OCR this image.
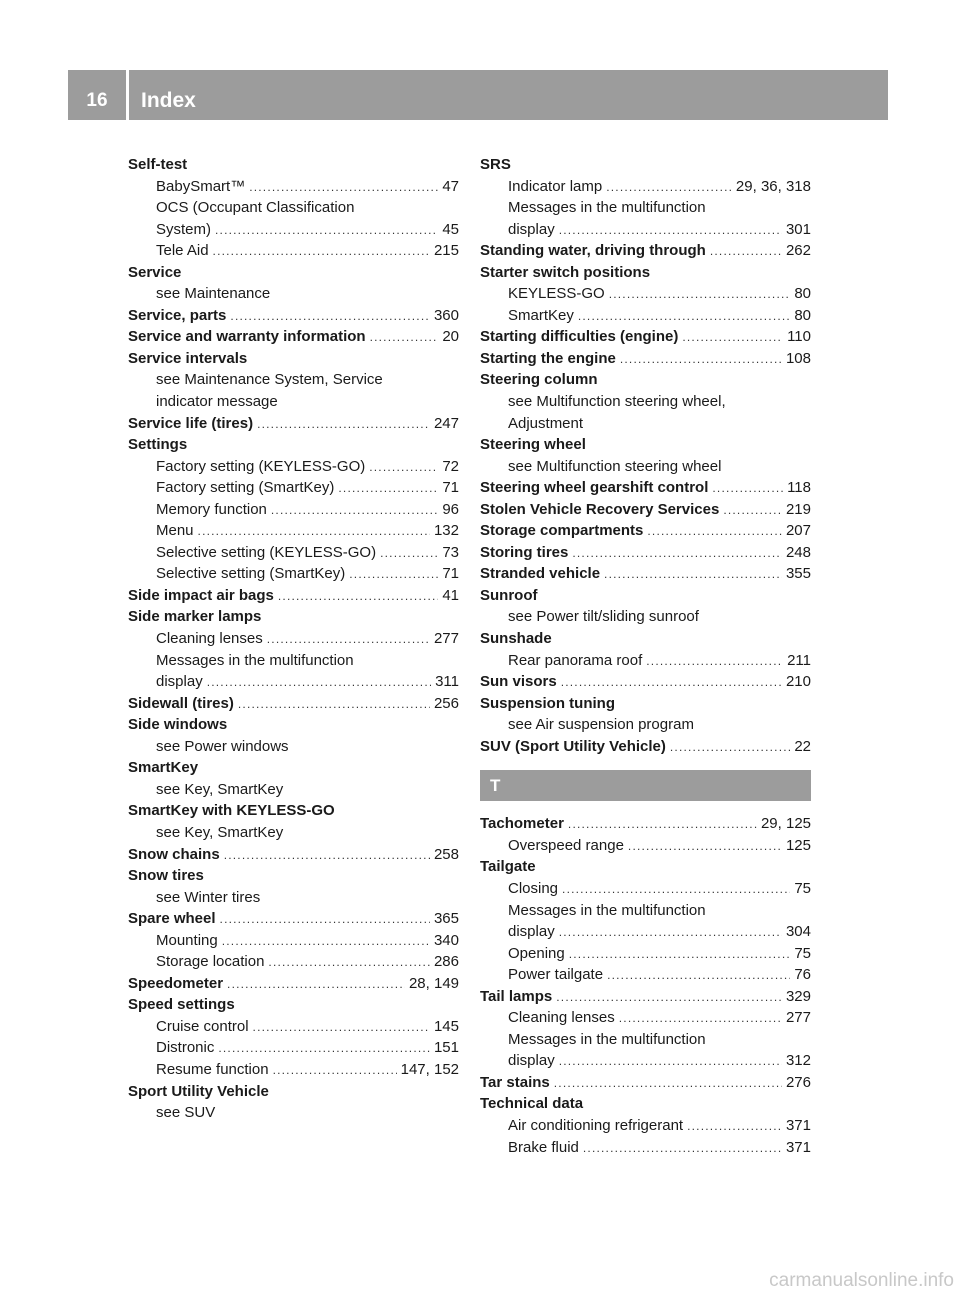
16	Index
Self-test
BabySmart™ .....	47
OCS (Occupant Classification
System) .....	45
Tele Aid .....	215
Service
see Maintenance
Service, parts .....	360
Service and warranty information .....	20
Service intervals
see Maintenance System, Service
indicator message
Service life (tires) .....	247
Settings
Factory setting (KEYLESS-GO) .....	72
Factory setting (SmartKey) .....	71
Memory function .....	96
Menu .....	132
Selective setting (KEYLESS-GO) .....	73
Selective setting (SmartKey) .....	71
Side impact air bags .....	41
Side marker lamps
Cleaning lenses .....	277
Messages in the multifunction
display .....	311
Sidewall (tires) .....	256
Side windows
see Power windows
SmartKey
see Key, SmartKey
SmartKey with KEYLESS-GO
see Key, SmartKey
Snow chains .....	258
Snow tires
see Winter tires
Spare wheel .....	365
Mounting .....	340
Storage location .....	286
Speedometer .....	28, 149
Speed settings
Cruise control .....	145
Distronic .....	151
Resume function .....	147, 152
Sport Utility Vehicle
see SUV
SRS
Indicator lamp .....	29, 36, 318
Messages in the multifunction
display .....	301
Standing water, driving through .....	262
Starter switch positions
KEYLESS-GO .....	80
SmartKey .....	80
Starting difficulties (engine) .....	110
Starting the engine .....	108
Steering column
see Multifunction steering wheel,
Adjustment
Steering wheel
see Multifunction steering wheel
Steering wheel gearshift control .....	118
Stolen Vehicle Recovery Services .....	219
Storage compartments .....	207
Storing tires .....	248
Stranded vehicle .....	355
Sunroof
see Power tilt/sliding sunroof
Sunshade
Rear panorama roof .....	211
Sun visors .....	210
Suspension tuning
see Air suspension program
SUV (Sport Utility Vehicle) .....	22
T
Tachometer .....	29, 125
Overspeed range .....	125
Tailgate
Closing .....	75
Messages in the multifunction
display .....	304
Opening .....	75
Power tailgate .....	76
Tail lamps .....	329
Cleaning lenses .....	277
Messages in the multifunction
display .....	312
Tar stains .....	276
Technical data
Air conditioning refrigerant .....	371
Brake fluid .....	371
carmanualsonline.info
